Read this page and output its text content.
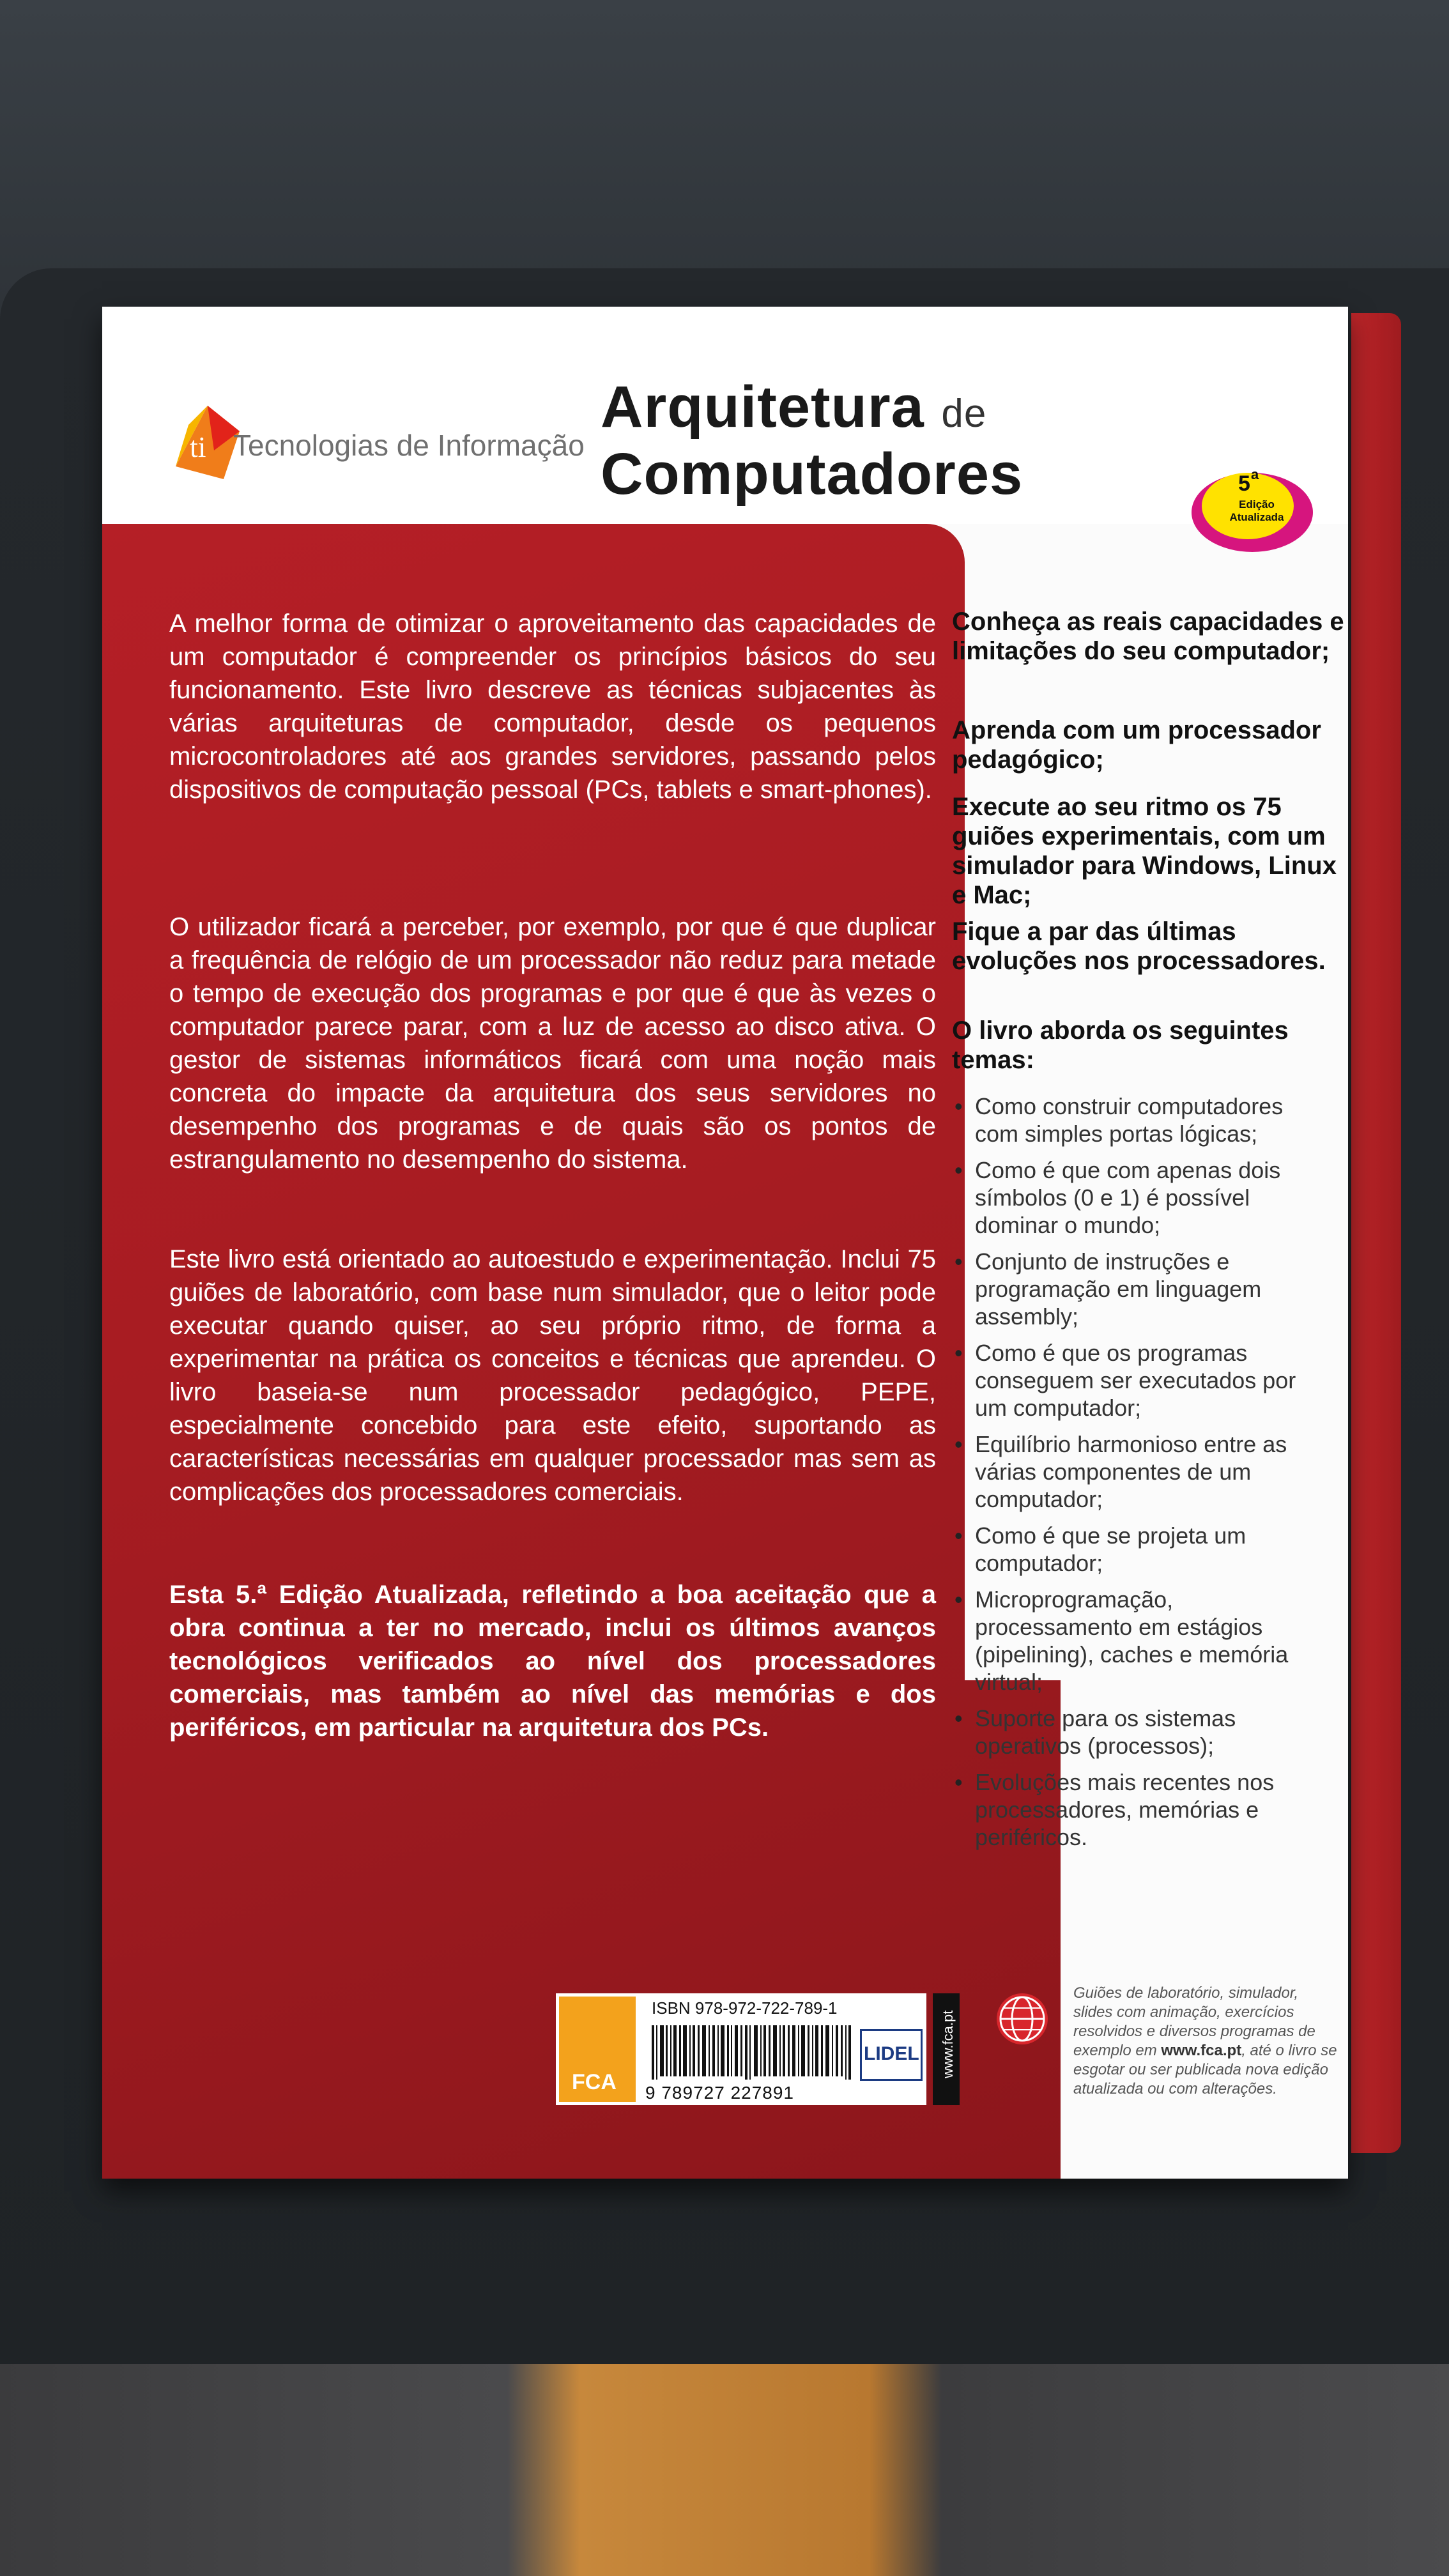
ti Tecnologias de Informação
Arquitetura de Computadores	5 a
Edição
Atualizada
A melhor forma de otimizar o aproveitamento das capacidades de um computador é compreender os princípios básicos do seu funcionamento. Este livro descreve as técnicas subjacentes às várias arquiteturas de computador, desde os pequenos microcontroladores até aos grandes servidores, passando pelos dispositivos de computação pessoal (PCs, tablets e smart-phones).
O utilizador ficará a perceber, por exemplo, por que é que duplicar a frequência de relógio de um processador não reduz para metade o tempo de execução dos programas e por que é que às vezes o computador parece parar, com a luz de acesso ao disco ativa. O gestor de sistemas informáticos ficará com uma noção mais concreta do impacte da arquitetura dos seus servidores no desempenho dos programas e de quais são os pontos de estrangulamento no desempenho do sistema.
Este livro está orientado ao autoestudo e experimentação. Inclui 75 guiões de laboratório, com base num simulador, que o leitor pode executar quando quiser, ao seu próprio ritmo, de forma a experimentar na prática os conceitos e técnicas que aprendeu. O livro baseia-se num processador pedagógico, PEPE, especialmente concebido para este efeito, suportando as características necessárias em qualquer processador mas sem as complicações dos processadores comerciais.
Esta 5.ª Edição Atualizada, refletindo a boa aceitação que a obra continua a ter no mercado, inclui os últimos avanços tecnológicos verificados ao nível dos processadores comerciais, mas também ao nível das memórias e dos periféricos, em particular na arquitetura dos PCs.
Conheça as reais capacidades e limitações do seu computador;
Aprenda com um processador pedagógico;
Execute ao seu ritmo os 75 guiões experimentais, com um simulador para Windows, Linux e Mac;
Fique a par das últimas evoluções nos processadores.
O livro aborda os seguintes temas:
• Como construir computadores com simples portas lógicas;
• Como é que com apenas dois símbolos (0 e 1) é possível dominar o mundo;
• Conjunto de instruções e programação em linguagem assembly;
• Como é que os programas conseguem ser executados por um computador;
• Equilíbrio harmonioso entre as várias componentes de um computador;
• Como é que se projeta um computador;
• Microprogramação, processamento em estágios (pipelining), caches e memória virtual;
• Suporte para os sistemas operativos (processos);
• Evoluções mais recentes nos processadores, memórias e periféricos.
FCA
ISBN 978-972-722-789-1
9 789727 227891
LIDEL www.fca.pt
Guiões de laboratório, simulador, slides com animação, exercícios resolvidos e diversos programas de exemplo em www.fca.pt, até o livro se esgotar ou ser publicada nova edição atualizada ou com alterações.
